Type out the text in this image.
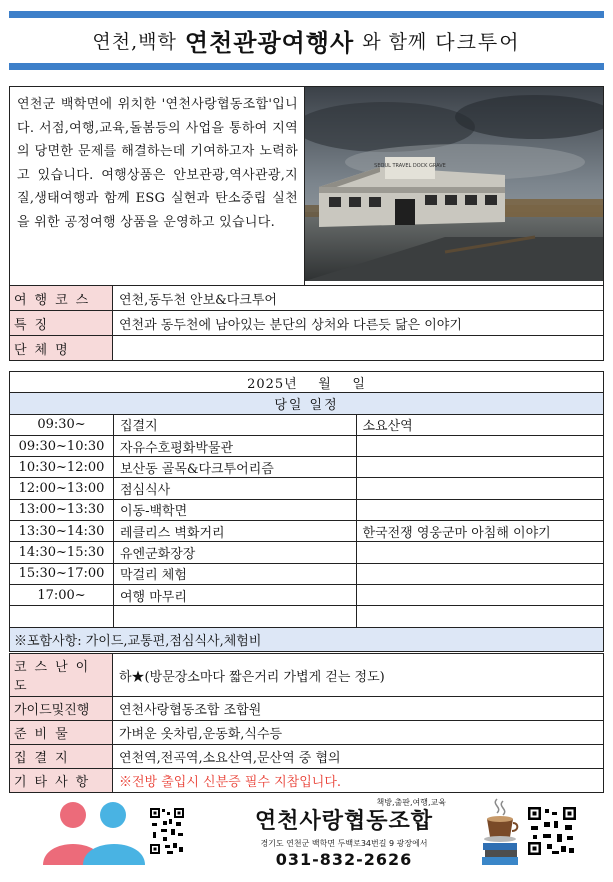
연천,백학 연천관광여행사 와 함께 다크투어
연천군 백학면에 위치한 '연천사랑협동조합'입니다. 서점,여행,교육,돌봄등의 사업을 통하여 지역의 당면한 문제를 해결하는데 기여하고자 노력하고 있습니다. 여행상품은 안보관광,역사관광,지질,생태여행과 함께 ESG 실현과 탄소중립 실천을 위한 공정여행 상품을 운영하고 있습니다.		SEOUL TRAVEL DOCK GRAVE

여행코스	연천,동두천 안보&다크투어	
특징	연천과 동두천에 남아있는 분단의 상처와 다른듯 닮은 이야기	
단체명		
2025년    월    일		
당일 일정		
09:30~	집결지	소요산역
09:30~10:30	자유수호평화박물관	
10:30~12:00	보산동 골목&다크투어리즘	
12:00~13:00	점심식사	
13:00~13:30	이동-백학면	
13:30~14:30	레클리스 벽화거리	한국전쟁 영웅군마 아침해 이야기
14:30~15:30	유엔군화장장	
15:30~17:00	막걸리 체험	
17:00~	여행 마무리	

※포함사항: 가이드,교통편,점심식사,체험비		
코스난이도	하★(방문장소마다 짧은거리 가볍게 걷는 정도)
가이드및진행	연천사랑협동조합 조합원
준비물	가벼운 옷차림,운동화,식수등
집결지	연천역,전곡역,소요산역,문산역 중 협의
기타사항	※전방 출입시 신분증 필수 지참입니다.
책방,출판,여행,교육
연천사랑협동조합
경기도 연천군 백학면 두백로34번길 9 광장에서
031-832-2626
